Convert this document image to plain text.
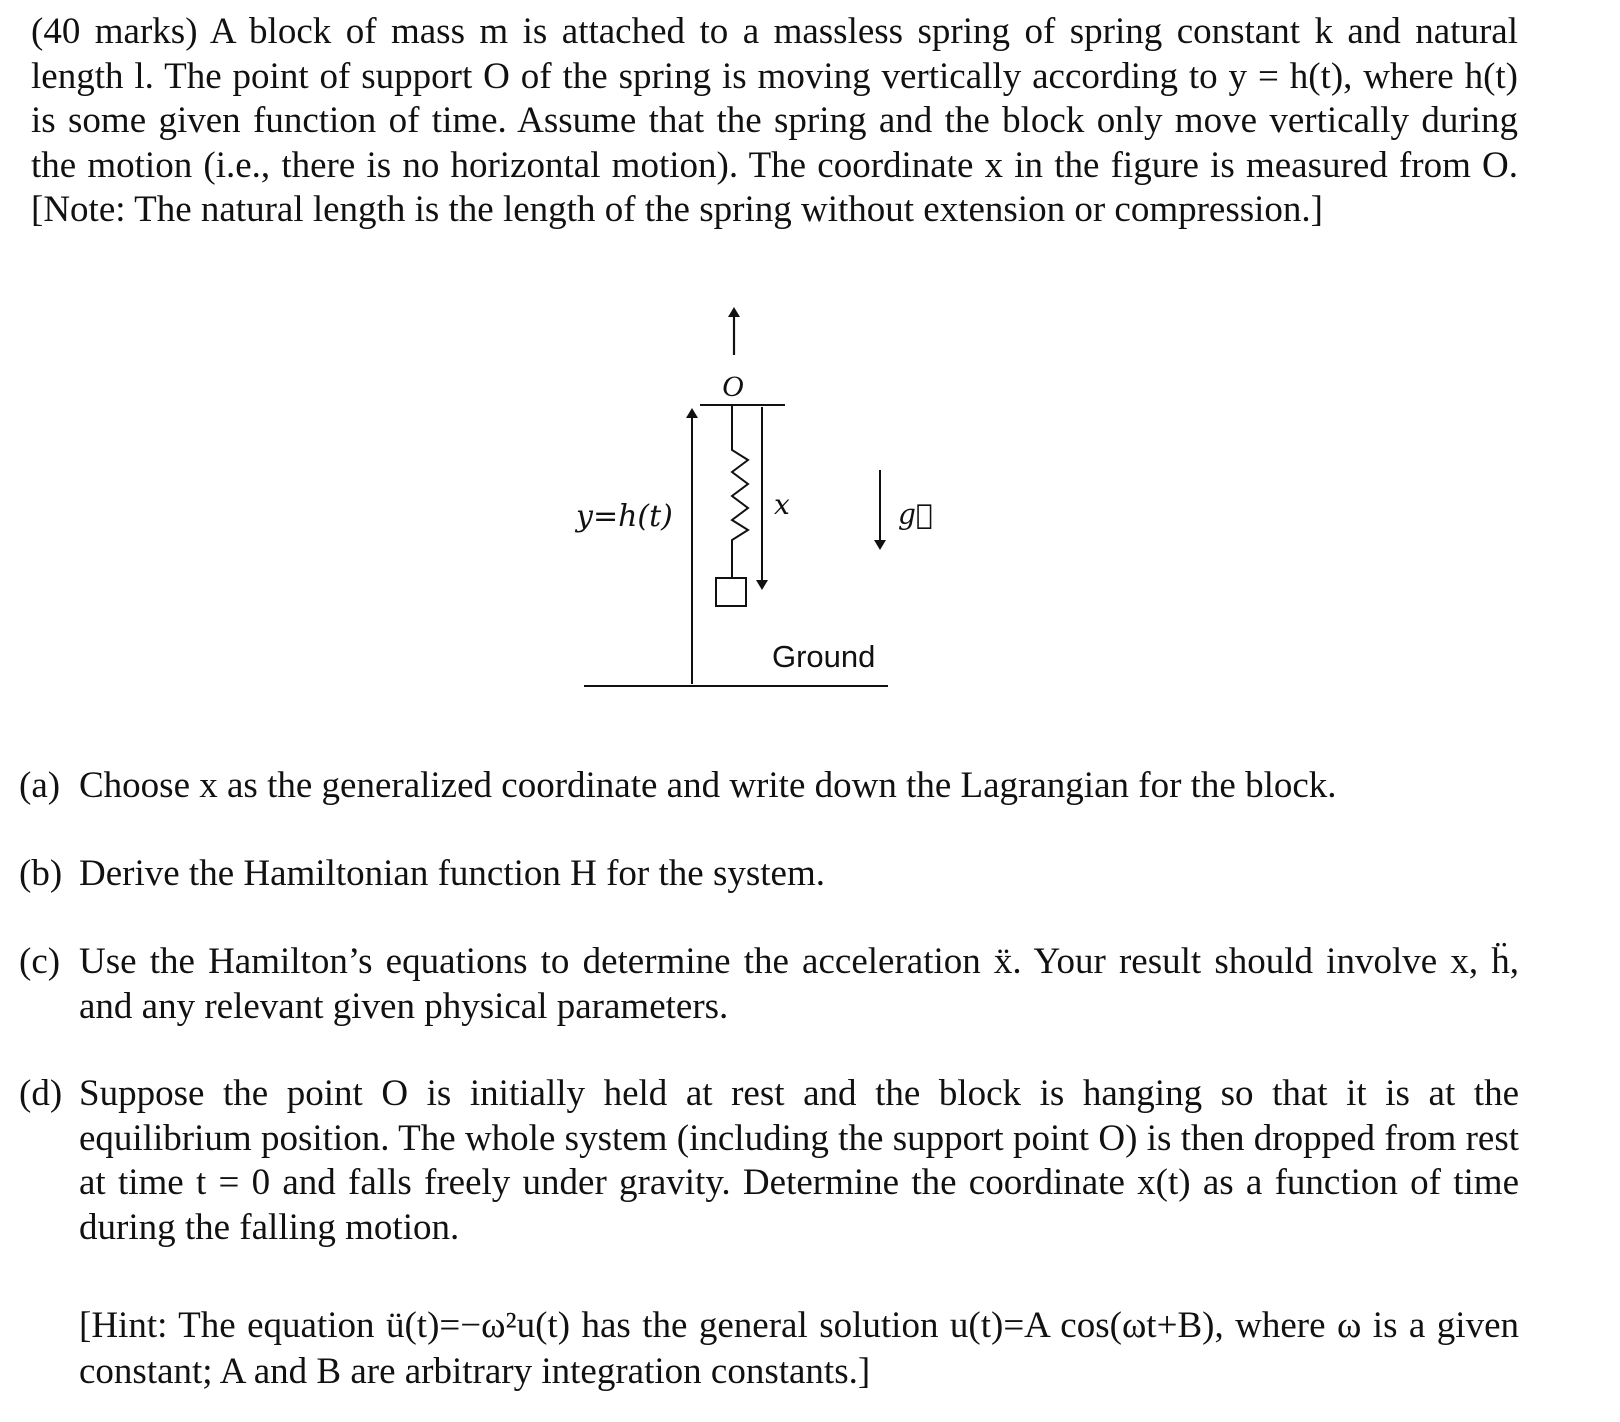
(40 marks) A block of mass m is attached to a massless spring of spring constant k and natural length l. The point of support O of the spring is moving vertically according to y = h(t), where h(t) is some given function of time. Assume that the spring and the block only move vertically during the motion (i.e., there is no horizontal motion). The coordinate x in the figure is measured from O. [Note: The natural length is the length of the spring without extension or compression.]

O
y=h(t)	x	g⃗
Ground
(a) Choose x as the generalized coordinate and write down the Lagrangian for the block.
(b) Derive the Hamiltonian function H for the system.
(c) Use the Hamilton’s equations to determine the acceleration ẍ. Your result should involve x, ḧ, and any relevant given physical parameters.
(d) Suppose the point O is initially held at rest and the block is hanging so that it is at the equilibrium position. The whole system (including the support point O) is then dropped from rest at time t = 0 and falls freely under gravity. Determine the coordinate x(t) as a function of time during the falling motion.

[Hint: The equation ü(t)=−ω²u(t) has the general solution u(t)=A cos(ωt+B), where ω is a given constant; A and B are arbitrary integration constants.]
